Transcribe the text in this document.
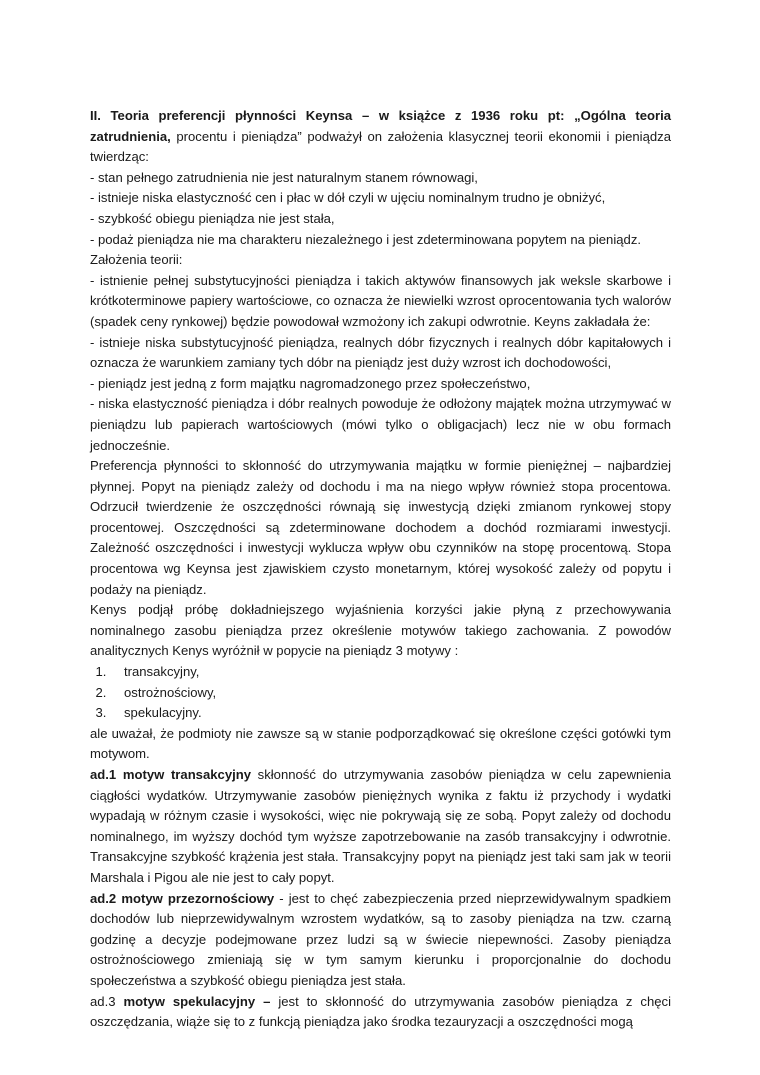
II. Teoria preferencji płynności Keynsa – w książce z 1936 roku pt: „Ogólna teoria zatrudnienia, procentu i pieniądza” podważył on założenia klasycznej teorii ekonomii i pieniądza twierdząc:

- stan pełnego zatrudnienia nie jest naturalnym stanem równowagi,

- istnieje niska elastyczność cen i płac w dół czyli w ujęciu nominalnym trudno je obniżyć,

- szybkość obiegu pieniądza nie jest stała,

- podaż pieniądza nie ma charakteru niezależnego i jest zdeterminowana popytem na pieniądz.

Założenia teorii:

- istnienie pełnej substytucyjności pieniądza i takich aktywów finansowych jak weksle skarbowe i krótkoterminowe papiery wartościowe, co oznacza że niewielki wzrost oprocentowania tych walorów (spadek ceny rynkowej) będzie powodował wzmożony ich zakupi odwrotnie. Keyns zakładała że:

- istnieje niska substytucyjność pieniądza, realnych dóbr fizycznych i realnych dóbr kapitałowych i oznacza że warunkiem zamiany tych dóbr na pieniądz jest duży wzrost ich dochodowości,

- pieniądz jest jedną z form majątku nagromadzonego przez społeczeństwo,

- niska elastyczność pieniądza i dóbr realnych powoduje że odłożony majątek można utrzymywać w pieniądzu lub papierach wartościowych (mówi tylko o obligacjach) lecz nie w obu formach jednocześnie.

Preferencja płynności to skłonność do utrzymywania majątku w formie pieniężnej – najbardziej płynnej. Popyt na pieniądz zależy od dochodu i ma na niego wpływ również stopa procentowa. Odrzucił twierdzenie że oszczędności równają się inwestycją dzięki zmianom rynkowej stopy procentowej. Oszczędności są zdeterminowane dochodem a dochód rozmiarami inwestycji. Zależność oszczędności i inwestycji wyklucza wpływ obu czynników na stopę procentową. Stopa procentowa wg Keynsa jest zjawiskiem czysto monetarnym, której wysokość zależy od popytu i podaży na pieniądz.

Kenys podjął próbę dokładniejszego wyjaśnienia korzyści jakie płyną z przechowywania nominalnego zasobu pieniądza przez określenie motywów takiego zachowania. Z powodów analitycznych Kenys wyróżnił w popycie na pieniądz 3 motywy :

1. transakcyjny,
2. ostrożnościowy,
3. spekulacyjny.

ale uważał, że podmioty nie zawsze są w stanie podporządkować się określone części gotówki tym motywom.

ad.1 motyw transakcyjny skłonność do utrzymywania zasobów pieniądza w celu zapewnienia ciągłości wydatków. Utrzymywanie zasobów pieniężnych wynika z faktu iż przychody i wydatki wypadają w różnym czasie i wysokości, więc nie pokrywają się ze sobą. Popyt zależy od dochodu nominalnego, im wyższy dochód tym wyższe zapotrzebowanie na zasób transakcyjny i odwrotnie. Transakcyjne szybkość krążenia jest stała. Transakcyjny popyt na pieniądz jest taki sam jak w teorii Marshala i Pigou ale nie jest to cały popyt.

ad.2 motyw przezornościowy - jest to chęć zabezpieczenia przed nieprzewidywalnym spadkiem dochodów lub nieprzewidywalnym wzrostem wydatków, są to zasoby pieniądza na tzw. czarną godzinę a decyzje podejmowane przez ludzi są w świecie niepewności. Zasoby pieniądza ostrożnościowego zmieniają się w tym samym kierunku i proporcjonalnie do dochodu społeczeństwa a szybkość obiegu pieniądza jest stała.

ad.3 motyw spekulacyjny – jest to skłonność do utrzymywania zasobów pieniądza z chęci oszczędzania, wiąże się to z funkcją pieniądza jako środka tezauryzacji a oszczędności mogą
